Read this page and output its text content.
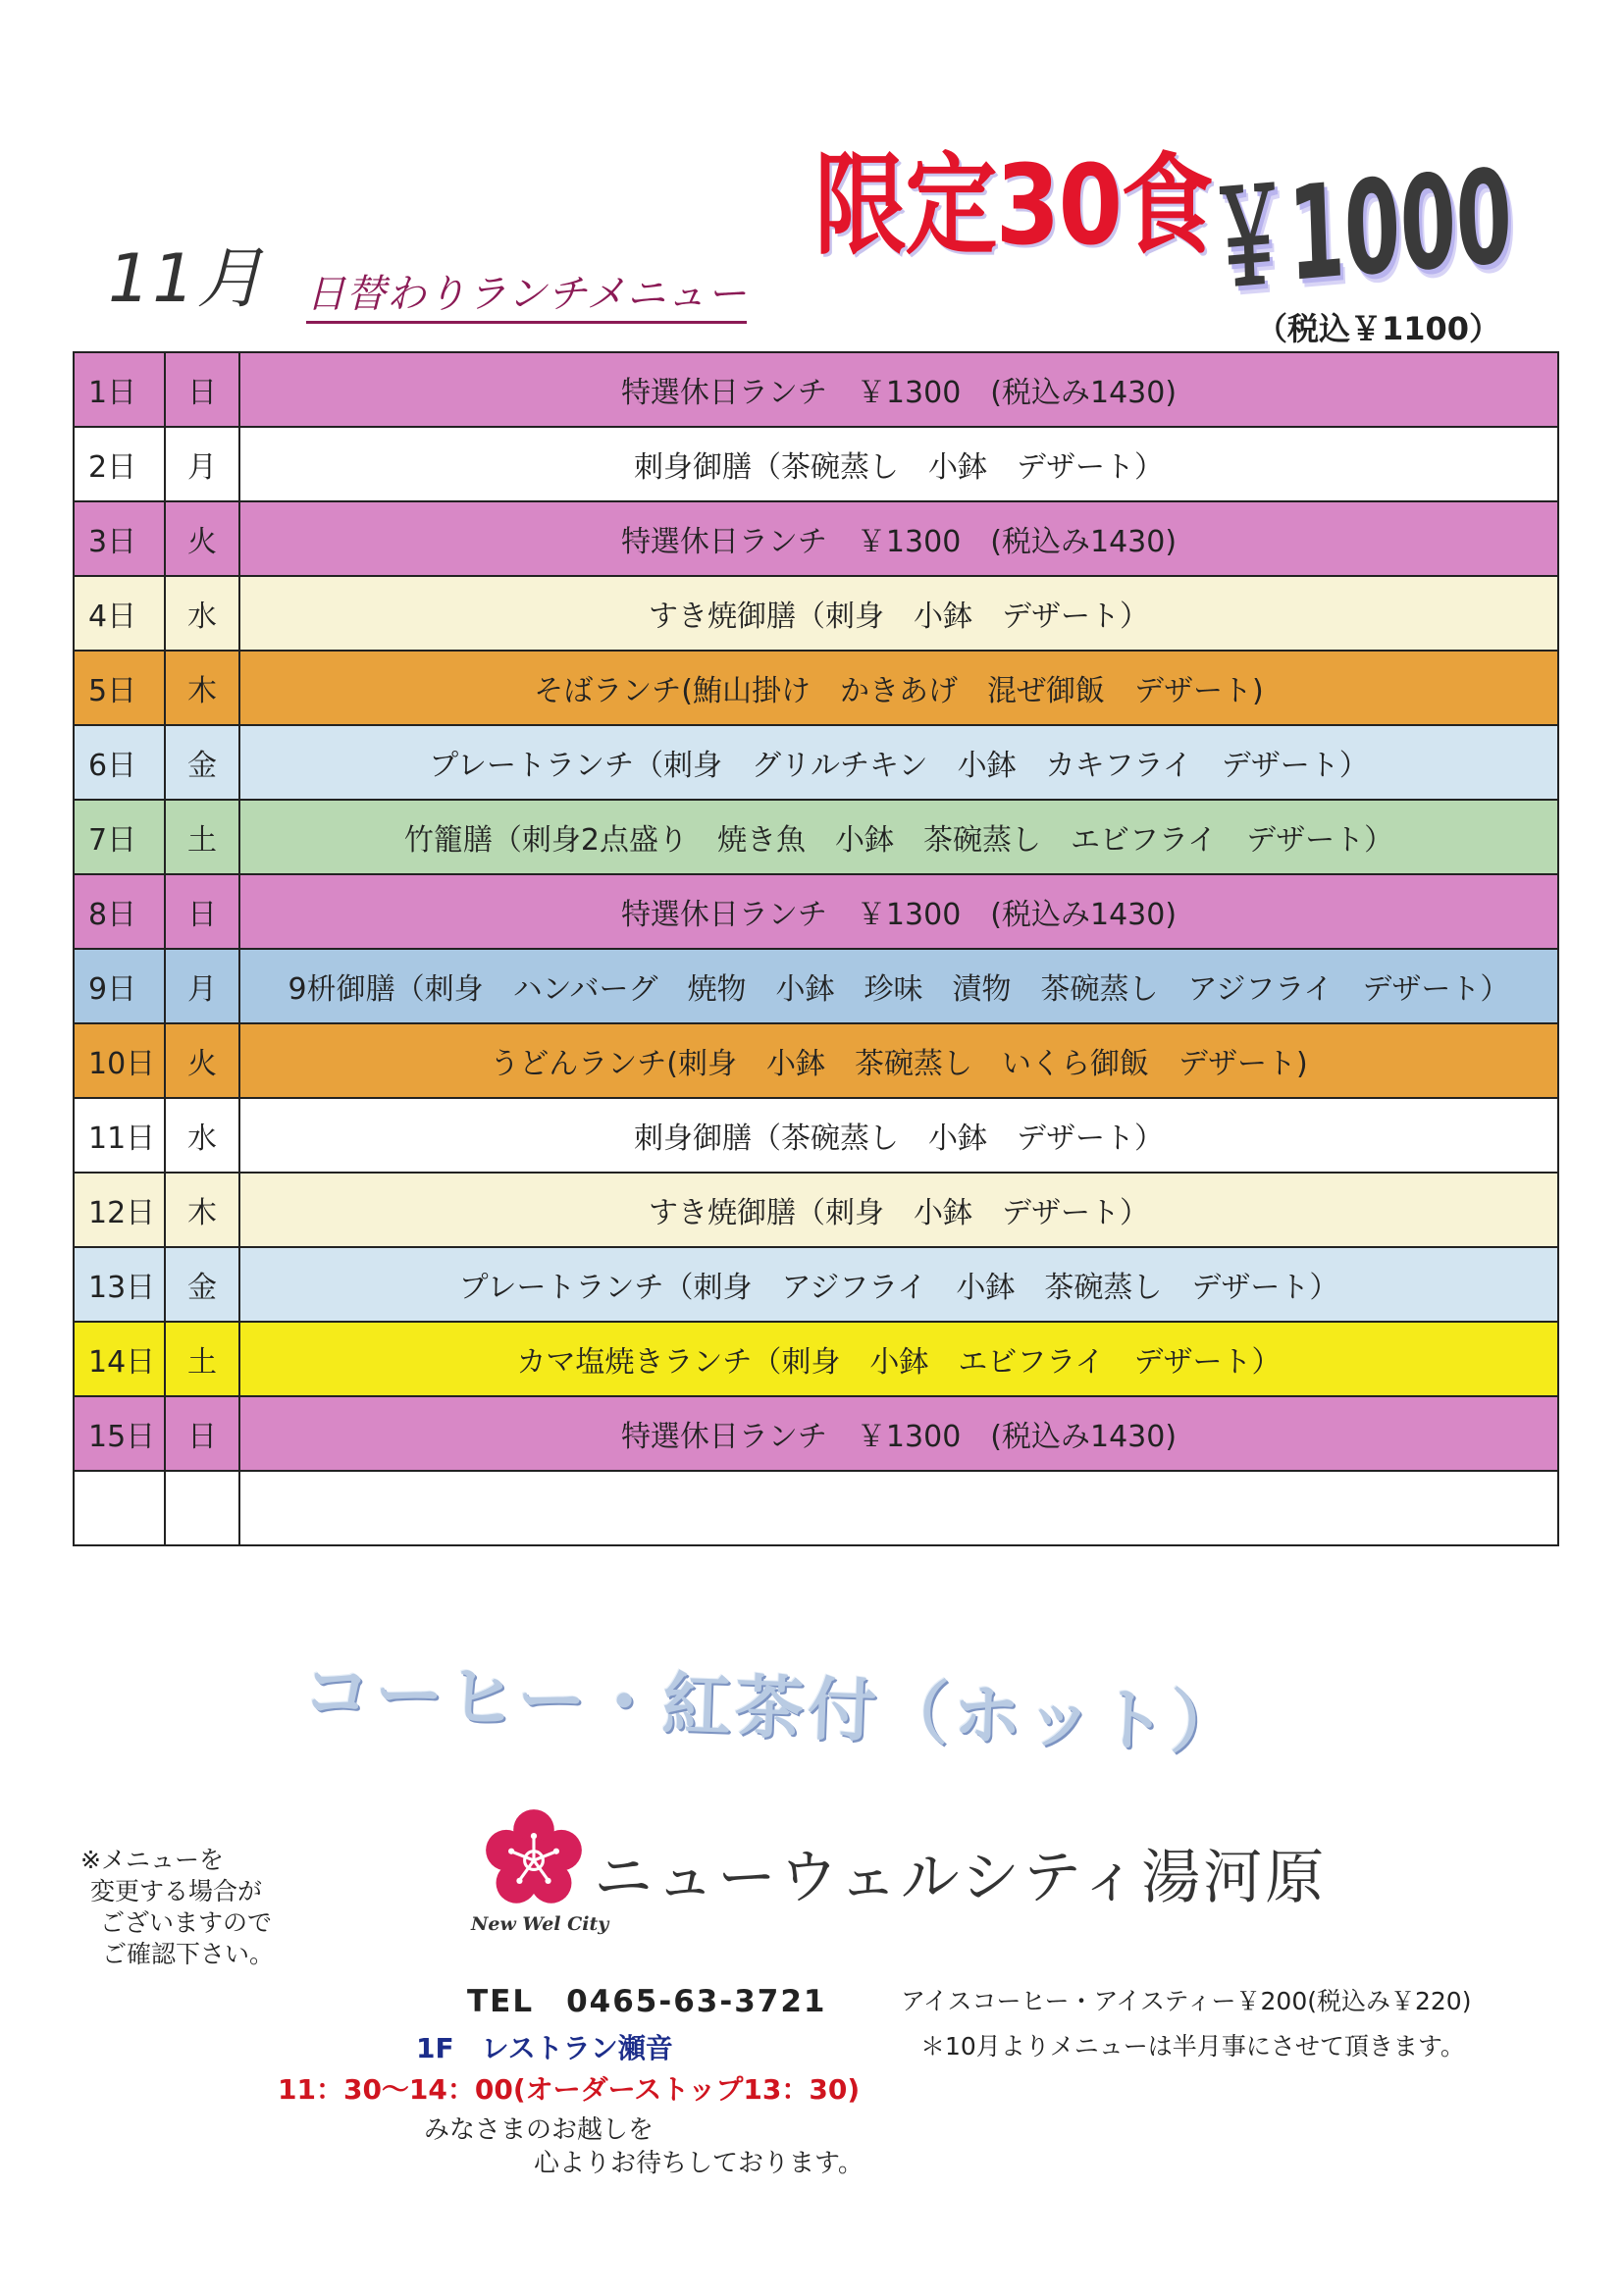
11月 日替わりランチメニュー
限定30食
￥1000
（税込￥1100）
1日	日	特選休日ランチ　￥1300　(税込み1430)
2日	月	刺身御膳（茶碗蒸し　小鉢　デザート）
3日	火	特選休日ランチ　￥1300　(税込み1430)
4日	水	すき焼御膳（刺身　小鉢　デザート）
5日	木	そばランチ(鮪山掛け　かきあげ　混ぜ御飯　デザート)
6日	金	プレートランチ（刺身　グリルチキン　小鉢　カキフライ　デザート）
7日	土	竹籠膳（刺身2点盛り　焼き魚　小鉢　茶碗蒸し　エビフライ　デザート）
8日	日	特選休日ランチ　￥1300　(税込み1430)
9日	月	9枡御膳（刺身　ハンバーグ　焼物　小鉢　珍味　漬物　茶碗蒸し　アジフライ　デザート）
10日	火	うどんランチ(刺身　小鉢　茶碗蒸し　いくら御飯　デザート)
11日	水	刺身御膳（茶碗蒸し　小鉢　デザート）
12日	木	すき焼御膳（刺身　小鉢　デザート）
13日	金	プレートランチ（刺身　アジフライ　小鉢　茶碗蒸し　デザート）
14日	土	カマ塩焼きランチ（刺身　小鉢　エビフライ　デザート）
15日	日	特選休日ランチ　￥1300　(税込み1430)

コーヒー・紅茶付（ホット）
※メニューを
変更する場合が
ございますので
ご確認下さい。
New Wel City
ニューウェルシティ湯河原
TEL　0465-63-3721
1F　レストラン瀬音
11：30～14：00(オーダーストップ13：30)
みなさまのお越しを
心よりお待ちしております。
アイスコーヒー・アイスティー￥200(税込み￥220)
＊10月よりメニューは半月事にさせて頂きます。
